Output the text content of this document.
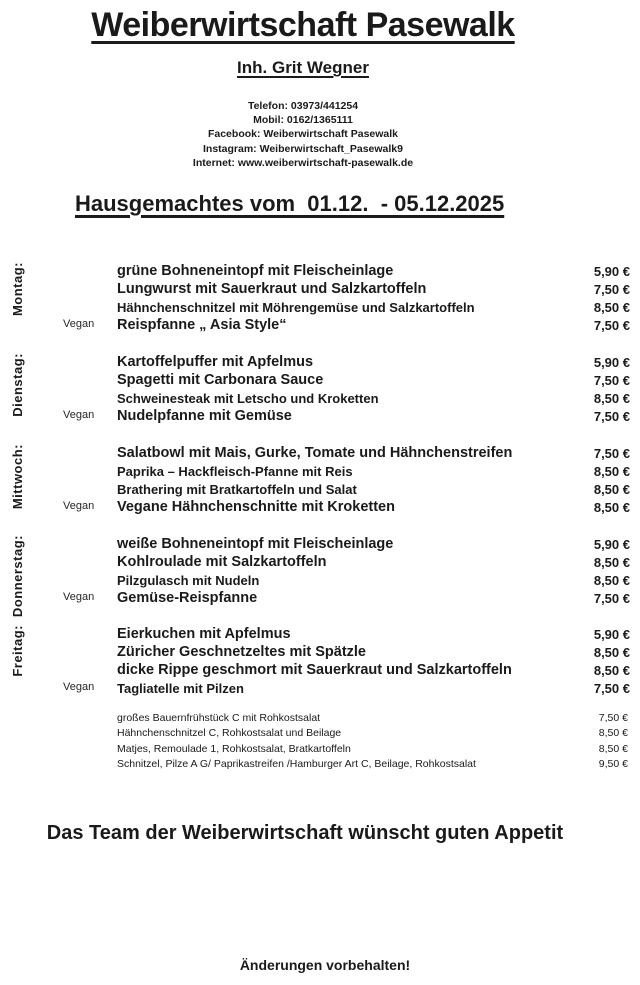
Weiberwirtschaft Pasewalk
Inh. Grit Wegner
Telefon: 03973/441254
Mobil: 0162/1365111
Facebook: Weiberwirtschaft Pasewalk
Instagram: Weiberwirtschaft_Pasewalk9
Internet: www.weiberwirtschaft-pasewalk.de
Hausgemachtes vom  01.12.  - 05.12.2025
Montag:	grüne Bohneneintopf mit Fleischeinlage	5,90 €
Lungwurst mit Sauerkraut und Salzkartoffeln	7,50 €
Hähnchenschnitzel mit Möhrengemüse und Salzkartoffeln	8,50 €
Vegan Reispfanne „ Asia Style“	7,50 €
Dienstag:	Kartoffelpuffer mit Apfelmus	5,90 €
Spagetti mit Carbonara Sauce	7,50 €
Schweinesteak mit Letscho und Kroketten	8,50 €
Vegan Nudelpfanne mit Gemüse	7,50 €
Mittwoch:	Salatbowl mit Mais, Gurke, Tomate und Hähnchenstreifen	7,50 €
Paprika – Hackfleisch-Pfanne mit Reis	8,50 €
Brathering mit Bratkartoffeln und Salat	8,50 €
Vegan Vegane Hähnchenschnitte mit Kroketten	8,50 €
Donnerstag:	weiße Bohneneintopf mit Fleischeinlage	5,90 €
Kohlroulade mit Salzkartoffeln	8,50 €
Pilzgulasch mit Nudeln	8,50 €
Vegan Gemüse-Reispfanne	7,50 €
Freitag:	Eierkuchen mit Apfelmus	5,90 €
Züricher Geschnetzeltes mit Spätzle	8,50 €
dicke Rippe geschmort mit Sauerkraut und Salzkartoffeln	8,50 €
Vegan Tagliatelle mit Pilzen	7,50 €
großes Bauernfrühstück C mit Rohkostsalat	7,50 €
Hähnchenschnitzel C, Rohkostsalat und Beilage	8,50 €
Matjes, Remoulade 1, Rohkostsalat, Bratkartoffeln	8,50 €
Schnitzel, Pilze A G/ Paprikastreifen /Hamburger Art C, Beilage, Rohkostsalat	9,50 €

Das Team der Weiberwirtschaft wünscht guten Appetit

Änderungen vorbehalten!
